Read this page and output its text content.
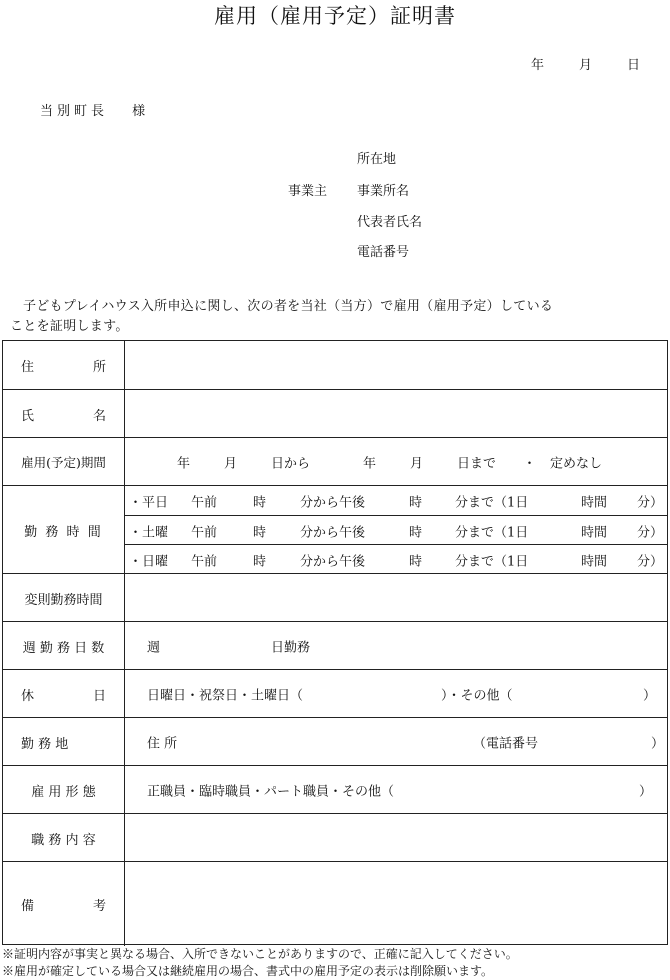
雇用（雇用予定）証明書
年	月	日
当別町長 様
所在地
事業主 事業所名
代表者氏名
電話番号
子どもプレイハウス入所申込に関し、次の者を当社（当方）で雇用（雇用予定）している
ことを証明します。
住	所
氏	名
雇用(予定)期間	年	月	日から	年	月	日まで ・ 定めなし
勤 務 時 間
・平日 午前	時	分から午後	時	分まで（1日	時間 分）
・土曜 午前	時	分から午後	時	分まで（1日	時間 分）
・日曜 午前	時	分から午後	時	分まで（1日	時間 分）
変則勤務時間
週 勤 務 日 数	週	日勤務
休	日	日曜日・祝祭日・土曜日（	）・その他（	）
勤 務 地	住 所	（電話番号	）
雇 用 形 態	正職員・臨時職員・パート職員・その他（	）
職 務 内 容
備	考
※証明内容が事実と異なる場合、入所できないことがありますので、正確に記入してください。
※雇用が確定している場合又は継続雇用の場合、書式中の雇用予定の表示は削除願います。
